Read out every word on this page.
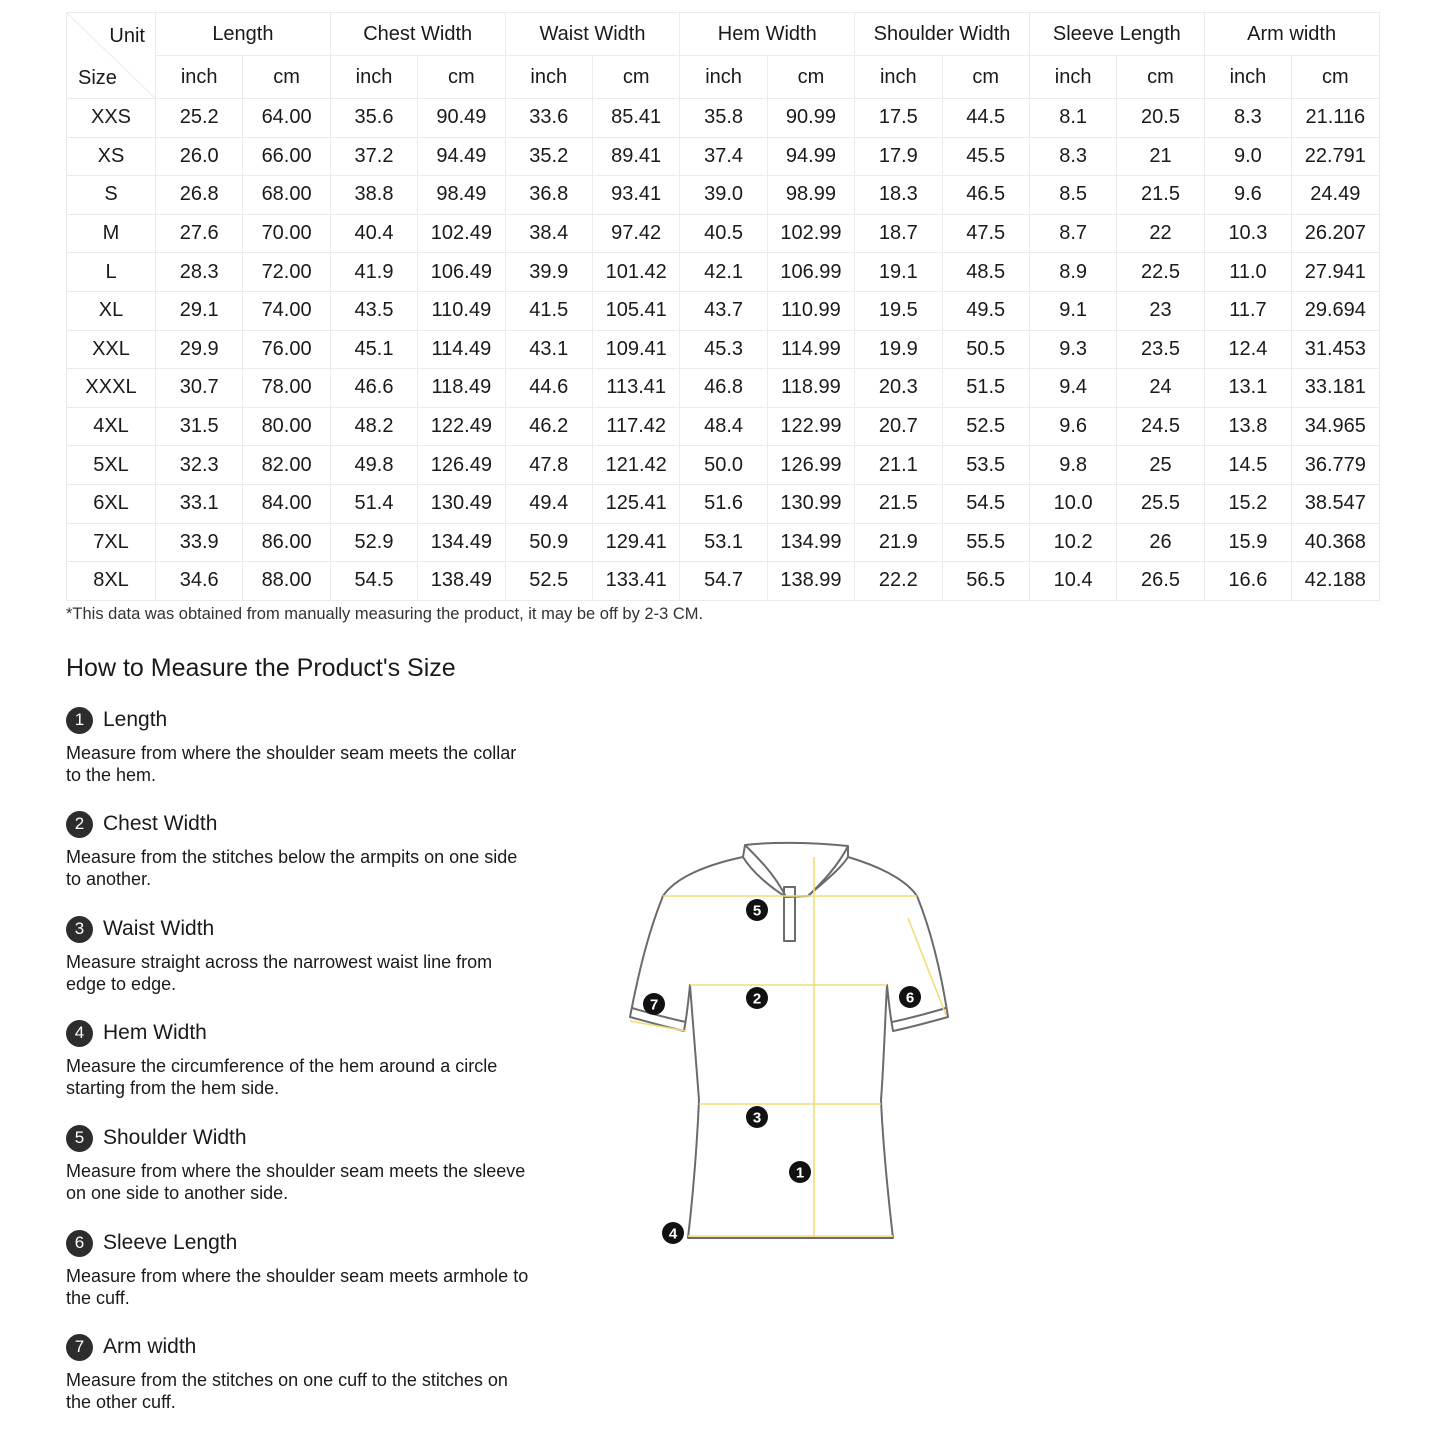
Unit
Size	Length		Chest Width		Waist Width		Hem Width		Shoulder Width		Sleeve Length		Arm width	
	inch	cm	inch	cm	inch	cm	inch	cm	inch	cm	inch	cm	inch	cm
XXS	25.2	64.00	35.6	90.49	33.6	85.41	35.8	90.99	17.5	44.5	8.1	20.5	8.3	21.116
XS	26.0	66.00	37.2	94.49	35.2	89.41	37.4	94.99	17.9	45.5	8.3	21	9.0	22.791
S	26.8	68.00	38.8	98.49	36.8	93.41	39.0	98.99	18.3	46.5	8.5	21.5	9.6	24.49
M	27.6	70.00	40.4	102.49	38.4	97.42	40.5	102.99	18.7	47.5	8.7	22	10.3	26.207
L	28.3	72.00	41.9	106.49	39.9	101.42	42.1	106.99	19.1	48.5	8.9	22.5	11.0	27.941
XL	29.1	74.00	43.5	110.49	41.5	105.41	43.7	110.99	19.5	49.5	9.1	23	11.7	29.694
XXL	29.9	76.00	45.1	114.49	43.1	109.41	45.3	114.99	19.9	50.5	9.3	23.5	12.4	31.453
XXXL	30.7	78.00	46.6	118.49	44.6	113.41	46.8	118.99	20.3	51.5	9.4	24	13.1	33.181
4XL	31.5	80.00	48.2	122.49	46.2	117.42	48.4	122.99	20.7	52.5	9.6	24.5	13.8	34.965
5XL	32.3	82.00	49.8	126.49	47.8	121.42	50.0	126.99	21.1	53.5	9.8	25	14.5	36.779
6XL	33.1	84.00	51.4	130.49	49.4	125.41	51.6	130.99	21.5	54.5	10.0	25.5	15.2	38.547
7XL	33.9	86.00	52.9	134.49	50.9	129.41	53.1	134.99	21.9	55.5	10.2	26	15.9	40.368
8XL	34.6	88.00	54.5	138.49	52.5	133.41	54.7	138.99	22.2	56.5	10.4	26.5	16.6	42.188
*This data was obtained from manually measuring the product, it may be off by 2-3 CM.
How to Measure the Product's Size
1 Length
Measure from where the shoulder seam meets the collar to the hem.
2 Chest Width
Measure from the stitches below the armpits on one side to another.
3 Waist Width
Measure straight across the narrowest waist line from edge to edge.
4 Hem Width
Measure the circumference of the hem around a circle starting from the hem side.
5 Shoulder Width
Measure from where the shoulder seam meets the sleeve on one side to another side.
6 Sleeve Length
Measure from where the shoulder seam meets armhole to the cuff.
7 Arm width
Measure from the stitches on one cuff to the stitches on the other cuff.
5
2	6
7
3
1
4
